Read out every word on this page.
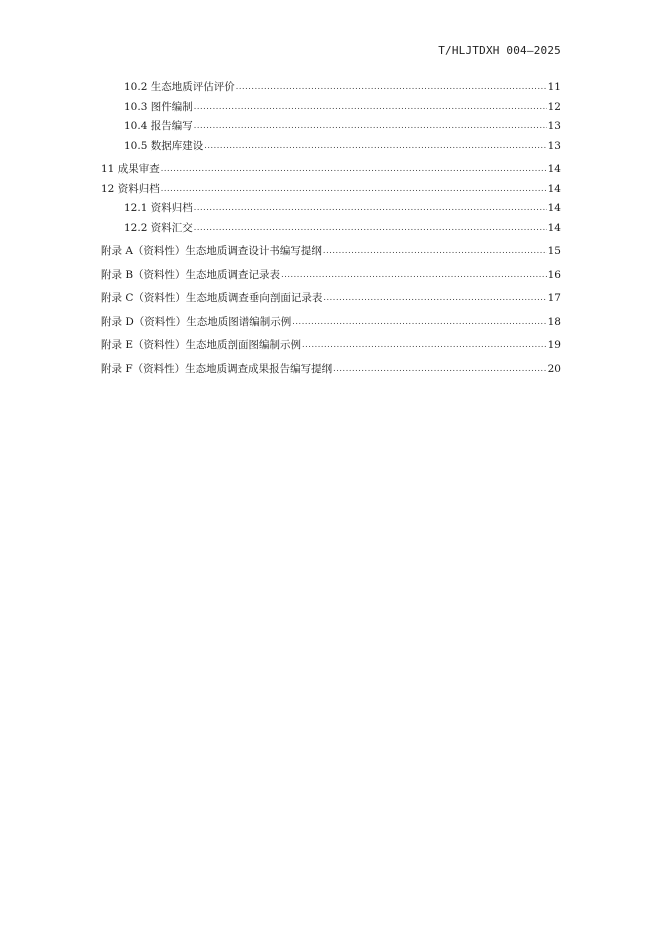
T/HLJTDXH 004—2025
10.2 生态地质评估评价 .....	11
10.3 图件编制 .....	12
10.4 报告编写 .....	13
10.5 数据库建设 .....	13
11 成果审查 .....	14
12 资料归档 .....	14
12.1 资料归档 .....	14
12.2 资料汇交 .....	14
附录 A（资料性）生态地质调查设计书编写提纲 .....	15
附录 B（资料性）生态地质调查记录表 .....	16
附录 C（资料性）生态地质调查垂向剖面记录表 .....	17
附录 D（资料性）生态地质图谱编制示例 .....	18
附录 E（资料性）生态地质剖面图编制示例 .....	19
附录 F（资料性）生态地质调查成果报告编写提纲 .....	20
